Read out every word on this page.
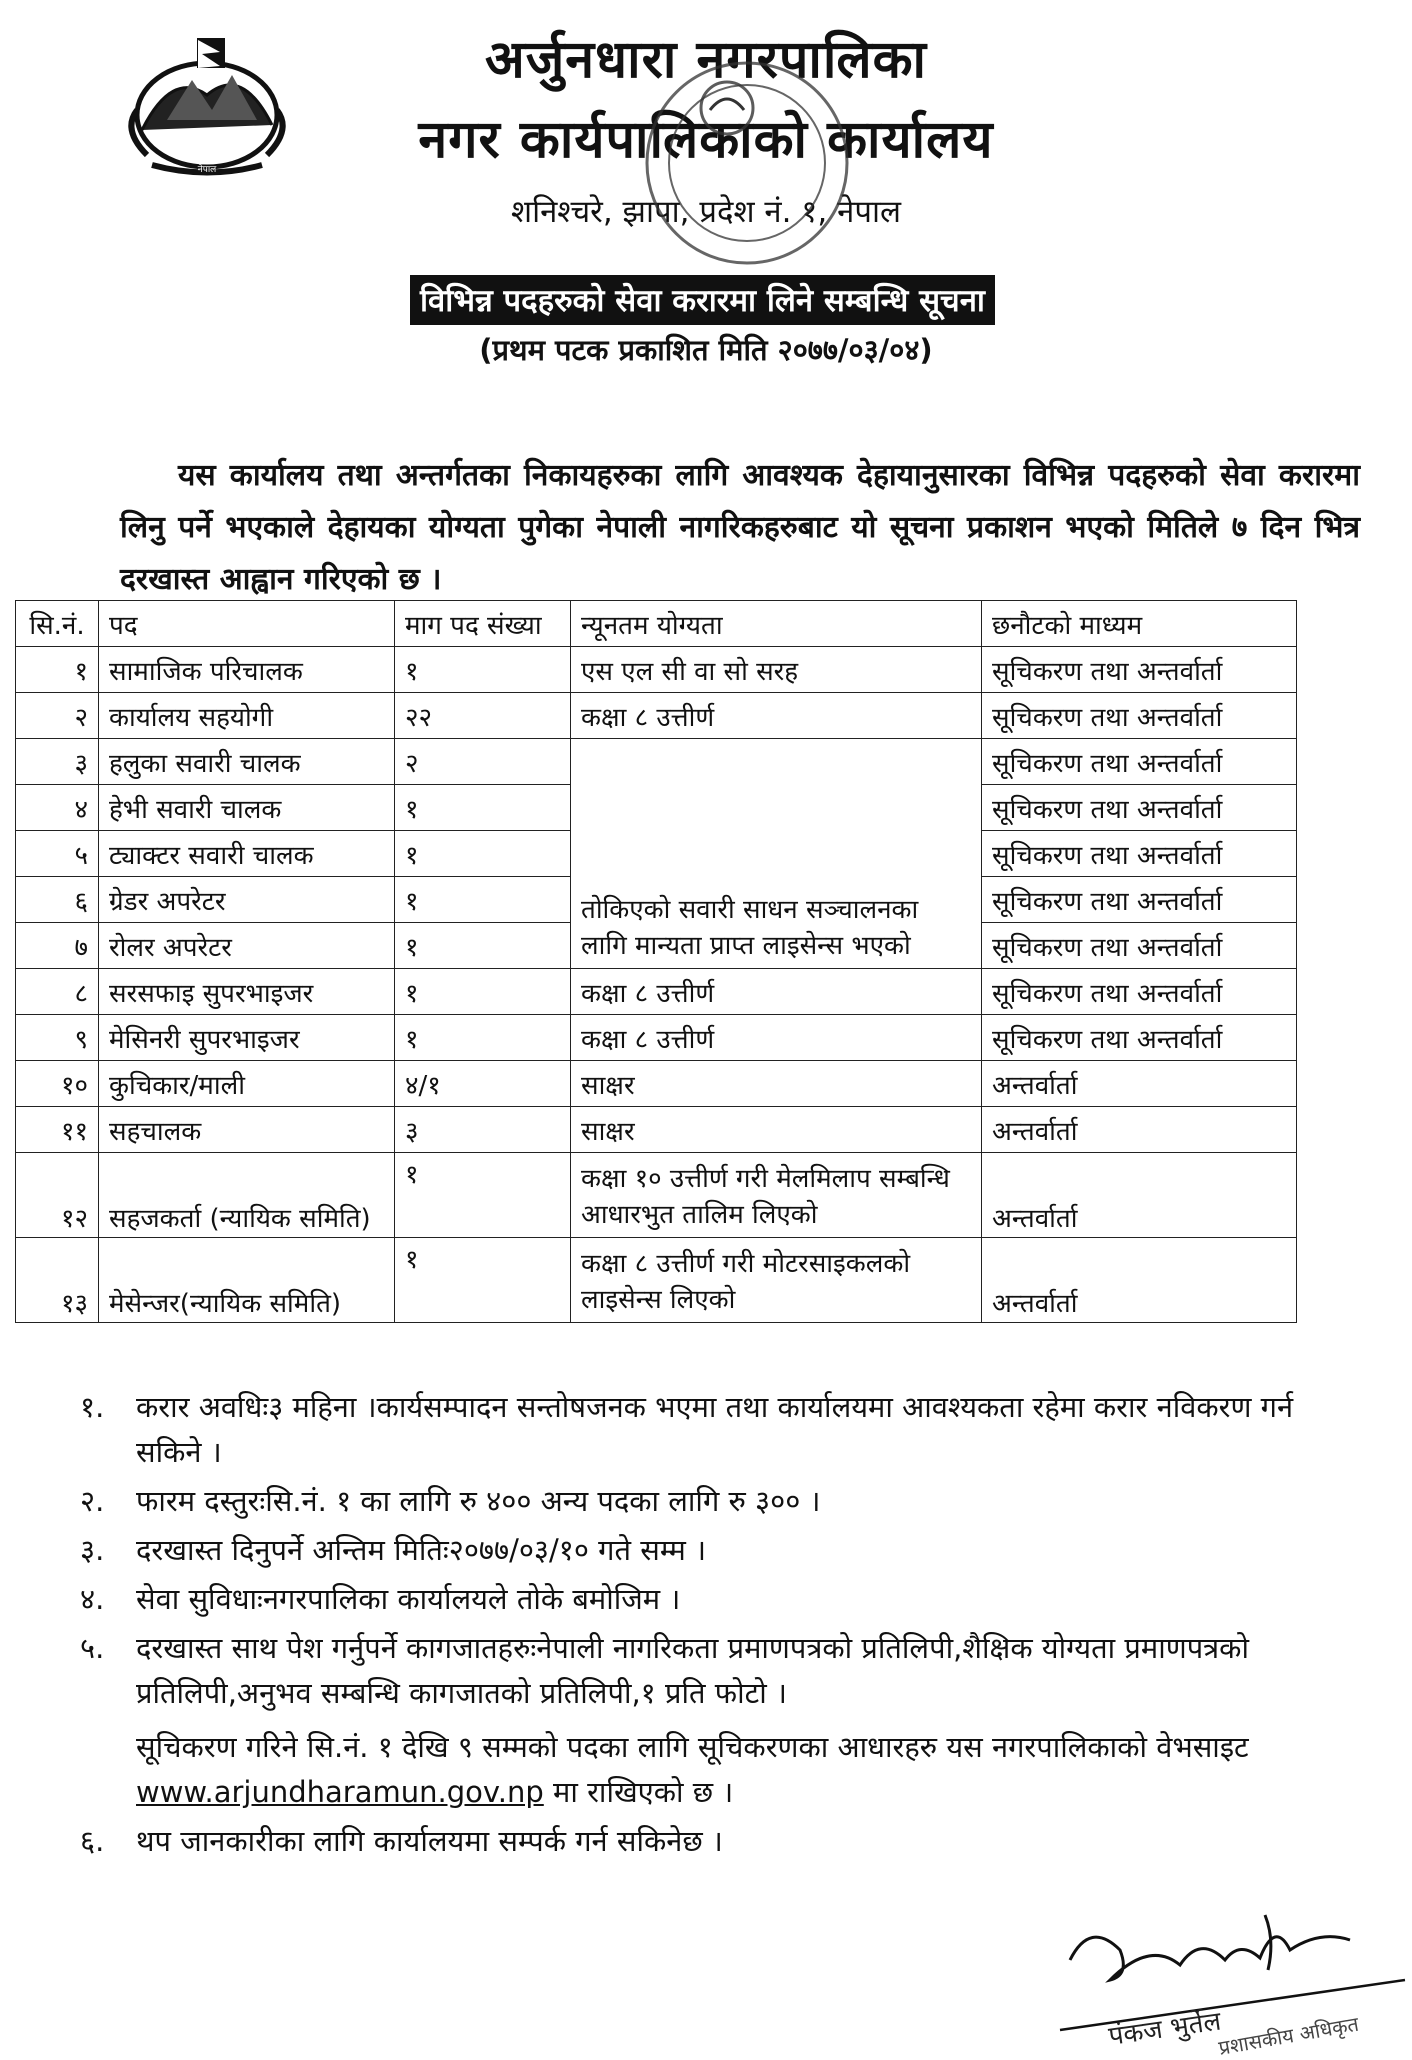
नेपाल
अर्जुनधारा नगरपालिका
नगर कार्यपालिकाको कार्यालय
शनिश्चरे, झापा, प्रदेश नं. १, नेपाल
विभिन्न पदहरुको सेवा करारमा लिने सम्बन्धि सूचना
(प्रथम पटक प्रकाशित मिति २०७७/०३/०४)

यस कार्यालय तथा अन्तर्गतका निकायहरुका लागि आवश्यक देहायानुसारका विभिन्न पदहरुको सेवा करारमा लिनु पर्ने भएकाले देहायका योग्यता पुगेका नेपाली नागरिकहरुबाट यो सूचना प्रकाशन भएको मितिले ७ दिन भित्र दरखास्त आह्वान गरिएको छ ।

सि.नं.	पद	माग पद संख्या	न्यूनतम योग्यता	छनौटको माध्यम
१	सामाजिक परिचालक	१	एस एल सी वा सो सरह	सूचिकरण तथा अन्तर्वार्ता
२	कार्यालय सहयोगी	२२	कक्षा ८ उत्तीर्ण	सूचिकरण तथा अन्तर्वार्ता
३	हलुका सवारी चालक	२	तोकिएको सवारी साधन सञ्चालनका लागि मान्यता प्राप्त लाइसेन्स भएको	सूचिकरण तथा अन्तर्वार्ता
४	हेभी सवारी चालक	१		सूचिकरण तथा अन्तर्वार्ता
५	ट्याक्टर सवारी चालक	१		सूचिकरण तथा अन्तर्वार्ता
६	ग्रेडर अपरेटर	१		सूचिकरण तथा अन्तर्वार्ता
७	रोलर अपरेटर	१		सूचिकरण तथा अन्तर्वार्ता
८	सरसफाइ सुपरभाइजर	१	कक्षा ८ उत्तीर्ण	सूचिकरण तथा अन्तर्वार्ता
९	मेसिनरी सुपरभाइजर	१	कक्षा ८ उत्तीर्ण	सूचिकरण तथा अन्तर्वार्ता
१०	कुचिकार/माली	४/१	साक्षर	अन्तर्वार्ता
११	सहचालक	३	साक्षर	अन्तर्वार्ता
१२	सहजकर्ता (न्यायिक समिति)	१	कक्षा १० उत्तीर्ण गरी मेलमिलाप सम्बन्धि आधारभुत तालिम लिएको	अन्तर्वार्ता
१३	मेसेन्जर(न्यायिक समिति)	१	कक्षा ८ उत्तीर्ण गरी मोटरसाइकलको लाइसेन्स लिएको	अन्तर्वार्ता
१.	करार अवधिः३ महिना ।कार्यसम्पादन सन्तोषजनक भएमा तथा कार्यालयमा आवश्यकता रहेमा करार नविकरण गर्न सकिने ।
२.	फारम दस्तुरःसि.नं. १ का लागि रु ४०० अन्य पदका लागि रु ३०० ।
३.	दरखास्त दिनुपर्ने अन्तिम मितिः२०७७/०३/१० गते सम्म ।
४.	सेवा सुविधाःनगरपालिका कार्यालयले तोके बमोजिम ।
५.	दरखास्त साथ पेश गर्नुपर्ने कागजातहरुःनेपाली नागरिकता प्रमाणपत्रको प्रतिलिपी,शैक्षिक योग्यता प्रमाणपत्रको प्रतिलिपी,अनुभव सम्बन्धि कागजातको प्रतिलिपी,१ प्रति फोटो ।
सूचिकरण गरिने सि.नं. १ देखि ९ सम्मको पदका लागि सूचिकरणका आधारहरु यस नगरपालिकाको वेभसाइट
www.arjundharamun.gov.np मा राखिएको छ ।
६.	थप जानकारीका लागि कार्यालयमा सम्पर्क गर्न सकिनेछ ।
पंकज भुर्तेल
प्रशासकीय अधिकृत
